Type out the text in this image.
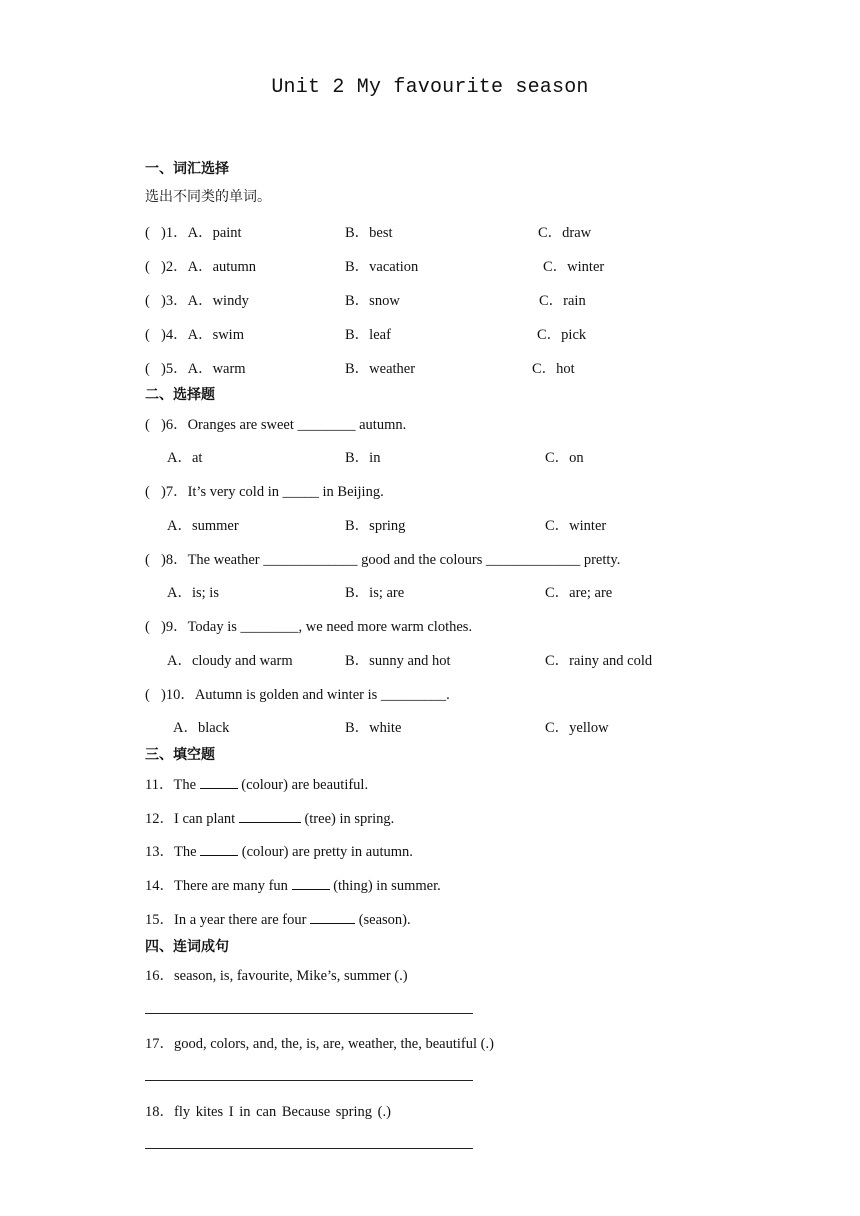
Unit 2 My favourite season
一、词汇选择
选出不同类的单词。
( )1．A．paint	B．best	C．draw
( )2．A．autumn	B．vacation	C．winter
( )3．A．windy	B．snow	C．rain
( )4．A．swim	B．leaf	C．pick
( )5．A．warm	B．weather	C．hot
二、选择题
( )6．Oranges are sweet ________ autumn.
A．at	B．in	C．on
( )7．It’s very cold in _____ in Beijing.
A．summer	B．spring	C．winter
( )8．The weather _____________ good and the colours _____________ pretty.
A．is; is	B．is; are	C．are; are
( )9．Today is ________, we need more warm clothes.
A．cloudy and warm	B．sunny and hot	C．rainy and cold
( )10．Autumn is golden and winter is _________.
A．black	B．white	C．yellow
三、填空题
11．The	(colour) are beautiful.
12．I can plant	(tree) in spring.
13．The	(colour) are pretty in autumn.
14．There are many fun	(thing) in summer.
15．In a year there are four	(season).
四、连词成句
16．season, is, favourite, Mike’s, summer (.)
17．good, colors, and, the, is, are, weather, the, beautiful (.)
18．fly kites I in can Because spring (.)
